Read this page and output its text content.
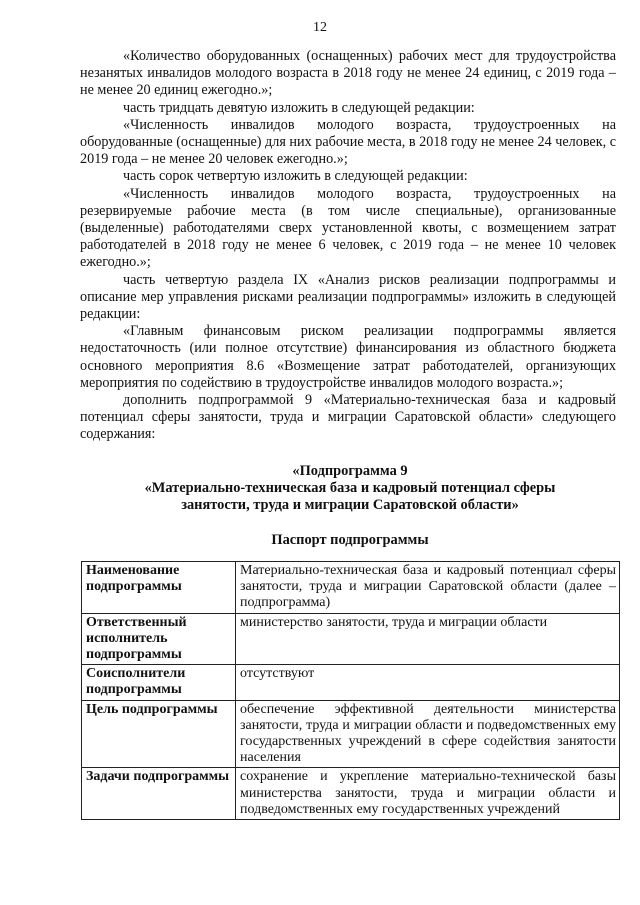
12

«Количество оборудованных (оснащенных) рабочих мест для трудоустройства незанятых инвалидов молодого возраста в 2018 году не менее 24 единиц, с 2019 года – не менее 20 единиц ежегодно.»;

часть тридцать девятую изложить в следующей редакции:

«Численность инвалидов молодого возраста, трудоустроенных на оборудованные (оснащенные) для них рабочие места, в 2018 году не менее 24 человек, с 2019 года – не менее 20 человек ежегодно.»;

часть сорок четвертую изложить в следующей редакции:

«Численность инвалидов молодого возраста, трудоустроенных на резервируемые рабочие места (в том числе специальные), организованные (выделенные) работодателями сверх установленной квоты, с возмещением затрат работодателей в 2018 году не менее 6 человек, с 2019 года – не менее 10 человек ежегодно.»;

часть четвертую раздела IX «Анализ рисков реализации подпрограммы и описание мер управления рисками реализации подпрограммы» изложить в следующей редакции:

«Главным финансовым риском реализации подпрограммы является недостаточность (или полное отсутствие) финансирования из областного бюджета основного мероприятия 8.6 «Возмещение затрат работодателей, организующих мероприятия по содействию в трудоустройстве инвалидов молодого возраста.»;

дополнить подпрограммой 9 «Материально-техническая база и кадровый потенциал сферы занятости, труда и миграции Саратовской области» следующего содержания:

«Подпрограмма 9
«Материально-техническая база и кадровый потенциал сферы
занятости, труда и миграции Саратовской области»
Паспорт подпрограммы
Наименование подпрограммы	Материально-техническая база и кадровый потенциал сферы занятости, труда и миграции Саратовской области (далее – подпрограмма)
Ответственный исполнитель подпрограммы	министерство занятости, труда и миграции области
Соисполнители подпрограммы	отсутствуют
Цель подпрограммы	обеспечение эффективной деятельности министерства занятости, труда и миграции области и подведомственных ему государственных учреждений в сфере содействия занятости населения
Задачи подпрограммы	сохранение и укрепление материально-технической базы министерства занятости, труда и миграции области и подведомственных ему государственных учреждений
